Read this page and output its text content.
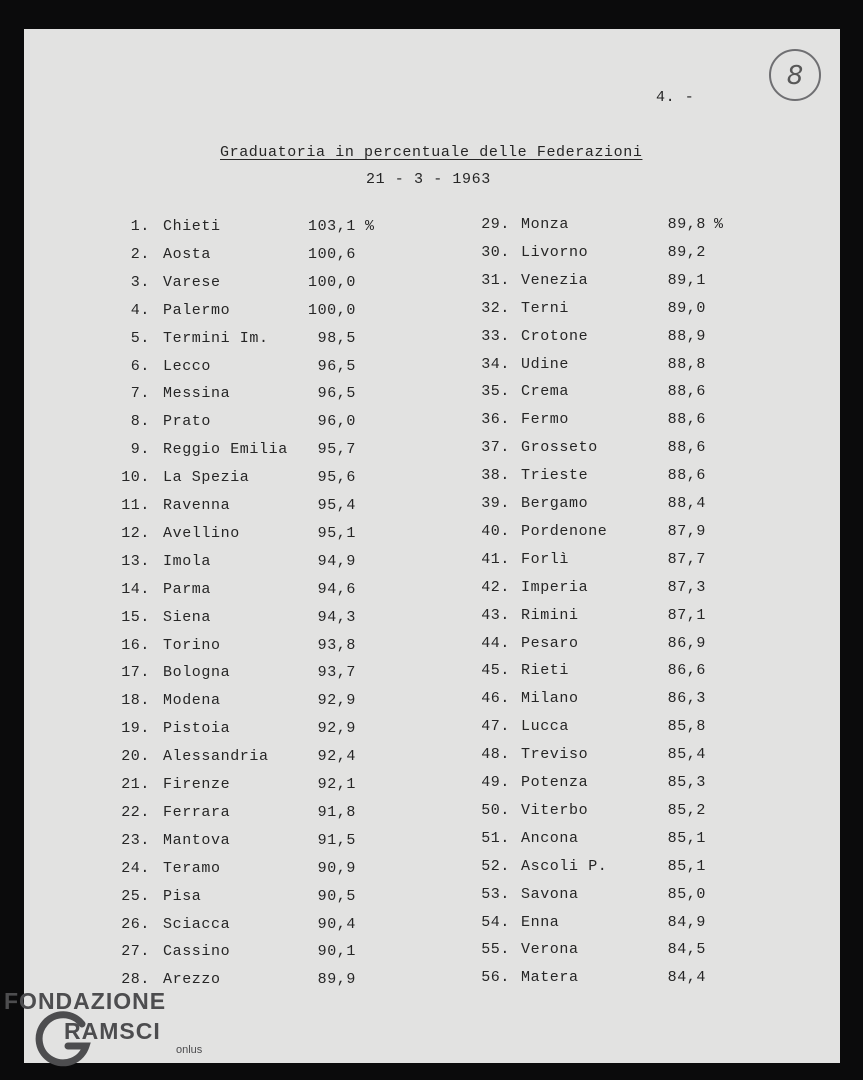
4. -
8
Graduatoria in percentuale delle Federazioni
21 - 3 - 1963
1. Chieti	103,1 %
2. Aosta	100,6
3. Varese	100,0
4. Palermo	100,0
5. Termini Im.	98,5
6. Lecco	96,5
7. Messina	96,5
8. Prato	96,0
9. Reggio Emilia	95,7
10. La Spezia	95,6
11. Ravenna	95,4
12. Avellino	95,1
13. Imola	94,9
14. Parma	94,6
15. Siena	94,3
16. Torino	93,8
17. Bologna	93,7
18. Modena	92,9
19. Pistoia	92,9
20. Alessandria	92,4
21. Firenze	92,1
22. Ferrara	91,8
23. Mantova	91,5
24. Teramo	90,9
25. Pisa	90,5
26. Sciacca	90,4
27. Cassino	90,1
28. Arezzo	89,9
29. Monza	89,8 %
30. Livorno	89,2
31. Venezia	89,1
32. Terni	89,0
33. Crotone	88,9
34. Udine	88,8
35. Crema	88,6
36. Fermo	88,6
37. Grosseto	88,6
38. Trieste	88,6
39. Bergamo	88,4
40. Pordenone	87,9
41. Forlì	87,7
42. Imperia	87,3
43. Rimini	87,1
44. Pesaro	86,9
45. Rieti	86,6
46. Milano	86,3
47. Lucca	85,8
48. Treviso	85,4
49. Potenza	85,3
50. Viterbo	85,2
51. Ancona	85,1
52. Ascoli P.	85,1
53. Savona	85,0
54. Enna	84,9
55. Verona	84,5
56. Matera	84,4
FONDAZIONE
RAMSCI
onlus
